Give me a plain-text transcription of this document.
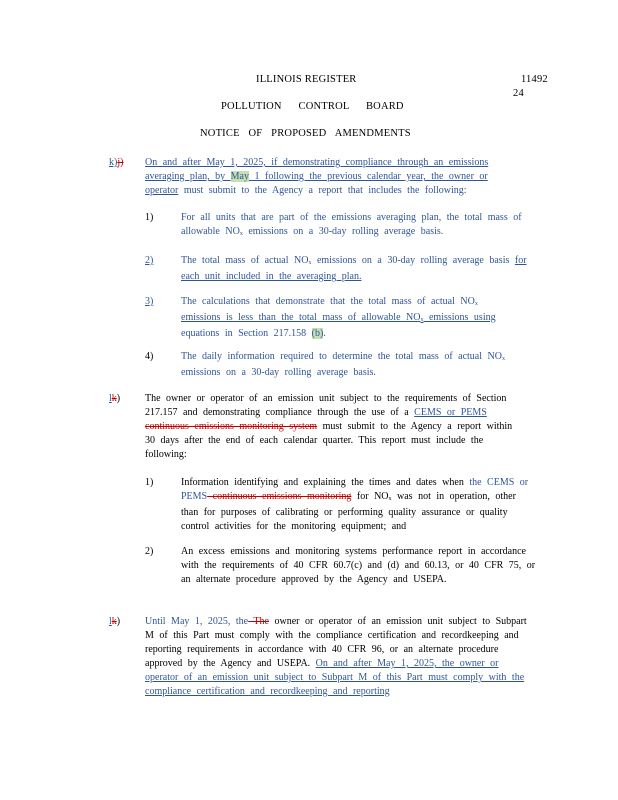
ILLINOIS REGISTER	11492
24
POLLUTION CONTROL BOARD
NOTICE OF PROPOSED AMENDMENTS
k)j) On and after May 1, 2025, if demonstrating compliance through an emissions averaging plan, by May 1 following the previous calendar year, the owner or operator must submit to the Agency a report that includes the following:
1)	For all units that are part of the emissions averaging plan, the total mass of allowable $NO_x$ emissions on a 30-day rolling average basis.
2)	The total mass of actual $NO_x$ emissions on a 30-day rolling average basis for each unit included in the averaging plan.
3)	The calculations that demonstrate that the total mass of actual $NO_x$ emissions is less than the total mass of allowable $NO_x$ emissions using equations in Section 217.158 (b).
4)	The daily information required to determine the total mass of actual $NO_x$ emissions on a 30-day rolling average basis.
lk) The owner or operator of an emission unit subject to the requirements of Section 217.157 and demonstrating compliance through the use of a CEMS or PEMS continuous emissions monitoring system must submit to the Agency a report within 30 days after the end of each calendar quarter. This report must include the following:
1)	Information identifying and explaining the times and dates when the CEMS or PEMS continuous emissions monitoring for $NO_x$ was not in operation, other than for purposes of calibrating or performing quality assurance or quality control activities for the monitoring equipment; and
2)	An excess emissions and monitoring systems performance report in accordance with the requirements of 40 CFR 60.7(c) and (d) and 60.13, or 40 CFR 75, or an alternate procedure approved by the Agency and USEPA.
lk) Until May 1, 2025, the The owner or operator of an emission unit subject to Subpart M of this Part must comply with the compliance certification and recordkeeping and reporting requirements in accordance with 40 CFR 96, or an alternate procedure approved by the Agency and USEPA. On and after May 1, 2025, the owner or operator of an emission unit subject to Subpart M of this Part must comply with the compliance certification and recordkeeping and reporting
